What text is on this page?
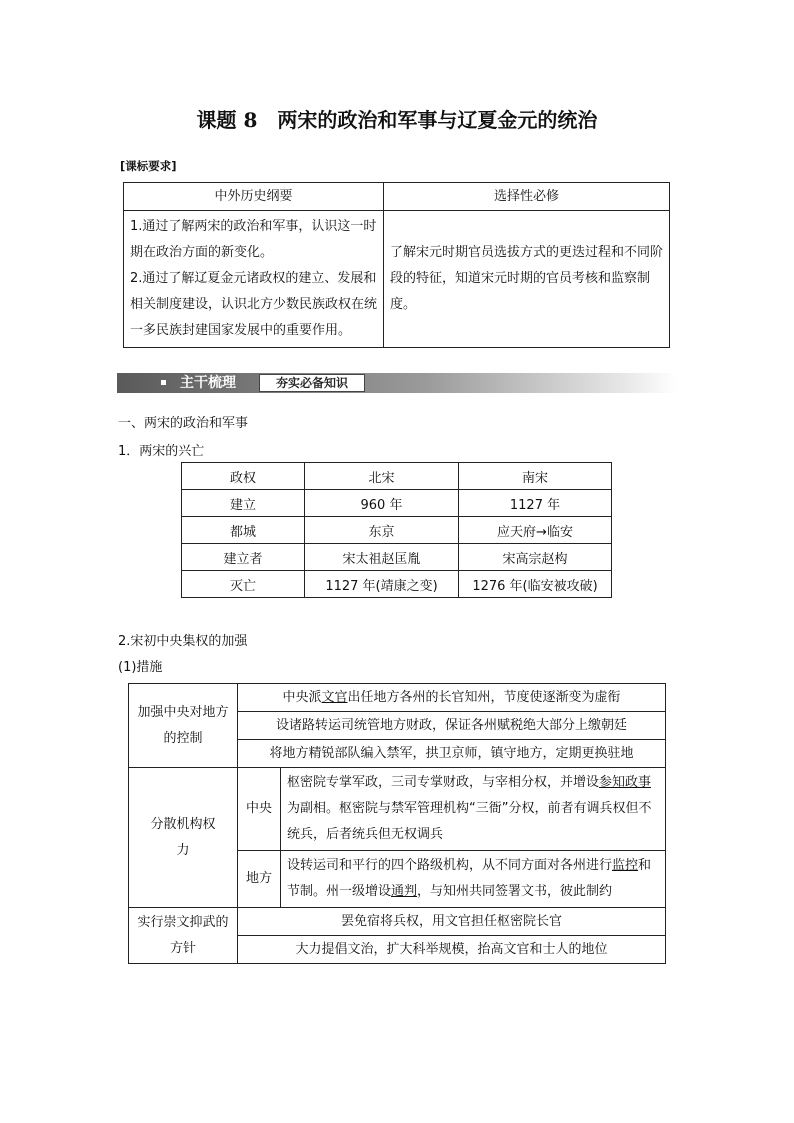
课题 8　两宋的政治和军事与辽夏金元的统治
[课标要求]
中外历史纲要	选择性必修

1.通过了解两宋的政治和军事，认识这一时期在政治方面的新变化。
2.通过了解辽夏金元诸政权的建立、发展和相关制度建设，认识北方少数民族政权在统一多民族封建国家发展中的重要作用。	了解宋元时期官员选拔方式的更迭过程和不同阶段的特征，知道宋元时期的官员考核和监察制度。
主干梳理	夯实必备知识
一、两宋的政治和军事
1．两宋的兴亡
政权	北宋	南宋
建立	960 年	1127 年
都城	东京	应天府→临安
建立者	宋太祖赵匡胤	宋高宗赵构
灭亡	1127 年(靖康之变)	1276 年(临安被攻破)
2.宋初中央集权的加强
(1)措施
加强中央对地方的控制	中央派文官出任地方各州的长官知州，节度使逐渐变为虚衔	
	设诸路转运司统管地方财政，保证各州赋税绝大部分上缴朝廷	
	将地方精锐部队编入禁军，拱卫京师，镇守地方，定期更换驻地	
分散机构权力	中央	枢密院专掌军政，三司专掌财政，与宰相分权，并增设参知政事为副相。枢密院与禁军管理机构“三衙”分权，前者有调兵权但不统兵，后者统兵但无权调兵
	地方	设转运司和平行的四个路级机构，从不同方面对各州进行监控和节制。州一级增设通判，与知州共同签署文书，彼此制约
实行崇文抑武的方针	罢免宿将兵权，用文官担任枢密院长官	
	大力提倡文治，扩大科举规模，抬高文官和士人的地位	
